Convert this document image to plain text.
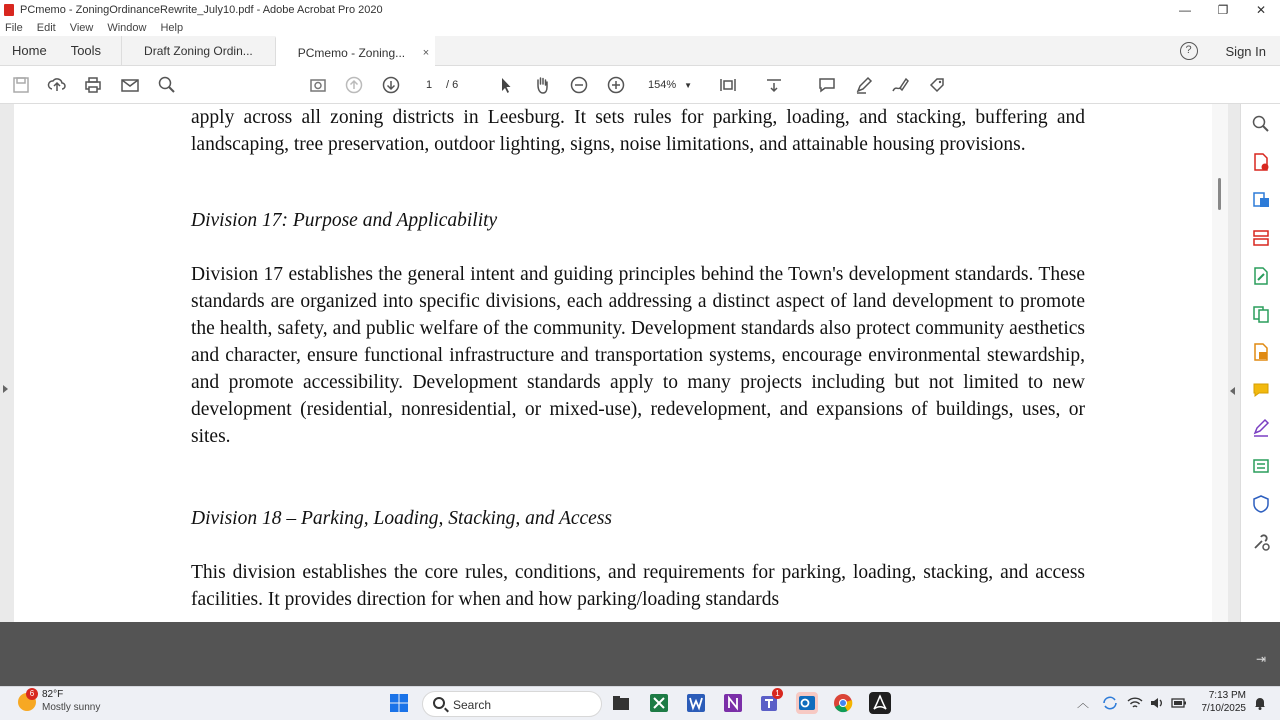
PCmemo - ZoningOrdinanceRewrite_July10.pdf - Adobe Acrobat Pro 2020	—	❐	✕
File Edit View Window Help
Home	Tools	Draft Zoning Ordin...	PCmemo - Zoning... ×	?	Sign In
1	/ 6	154% ▼
apply across all zoning districts in Leesburg. It sets rules for parking, loading, and stacking, buffering and landscaping, tree preservation, outdoor lighting, signs, noise limitations, and attainable housing provisions.
Division 17: Purpose and Applicability
Division 17 establishes the general intent and guiding principles behind the Town's development standards. These standards are organized into specific divisions, each addressing a distinct aspect of land development to promote the health, safety, and public welfare of the community. Development standards also protect community aesthetics and character, ensure functional infrastructure and transportation systems, encourage environmental stewardship, and promote accessibility. Development standards apply to many projects including but not limited to new development (residential, nonresidential, or mixed-use), redevelopment, and expansions of buildings, uses, or sites.
Division 18 – Parking, Loading, Stacking, and Access
This division establishes the core rules, conditions, and requirements for parking, loading, stacking, and access facilities. It provides direction for when and how parking/loading standards
⇥
6 82°F
Mostly sunny	Search
1
︿
7:13 PM
7/10/2025
